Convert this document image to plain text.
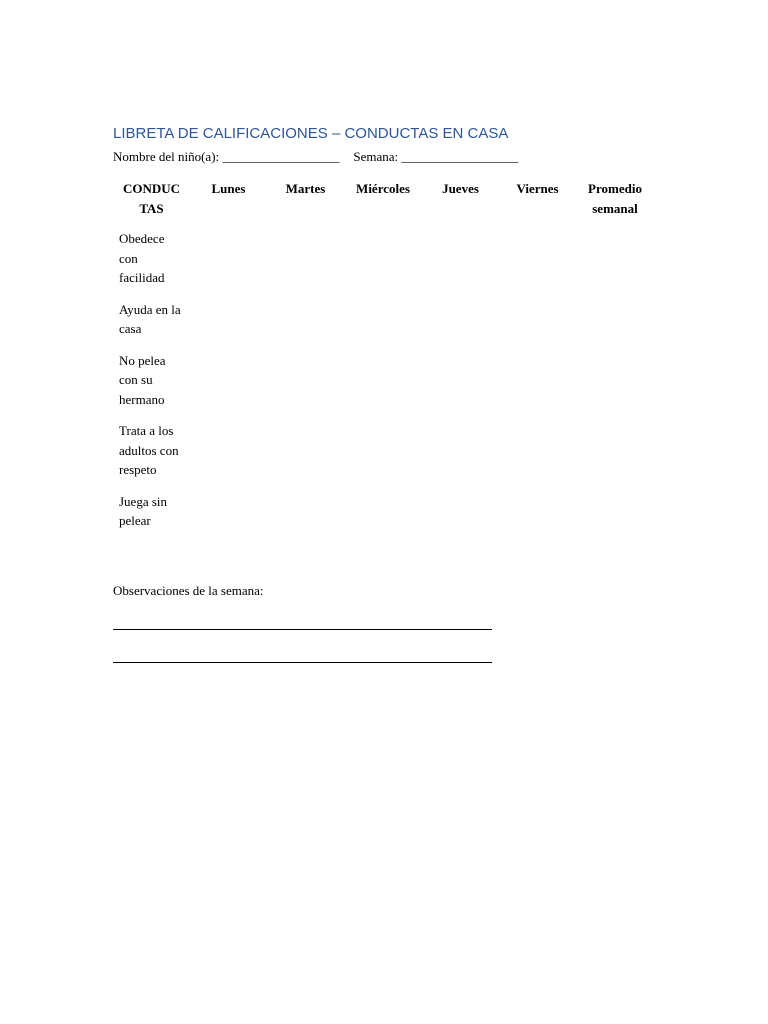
LIBRETA DE CALIFICACIONES – CONDUCTAS EN CASA
Nombre del niño(a): __________________ Semana: __________________
CONDUCTAS	Lunes	Martes	Miércoles	Jueves	Viernes	Promedio semanal
Obedece con facilidad						
Ayuda en la casa						
No pelea con su hermano						
Trata a los adultos con respeto						
Juega sin pelear						
Observaciones de la semana:
